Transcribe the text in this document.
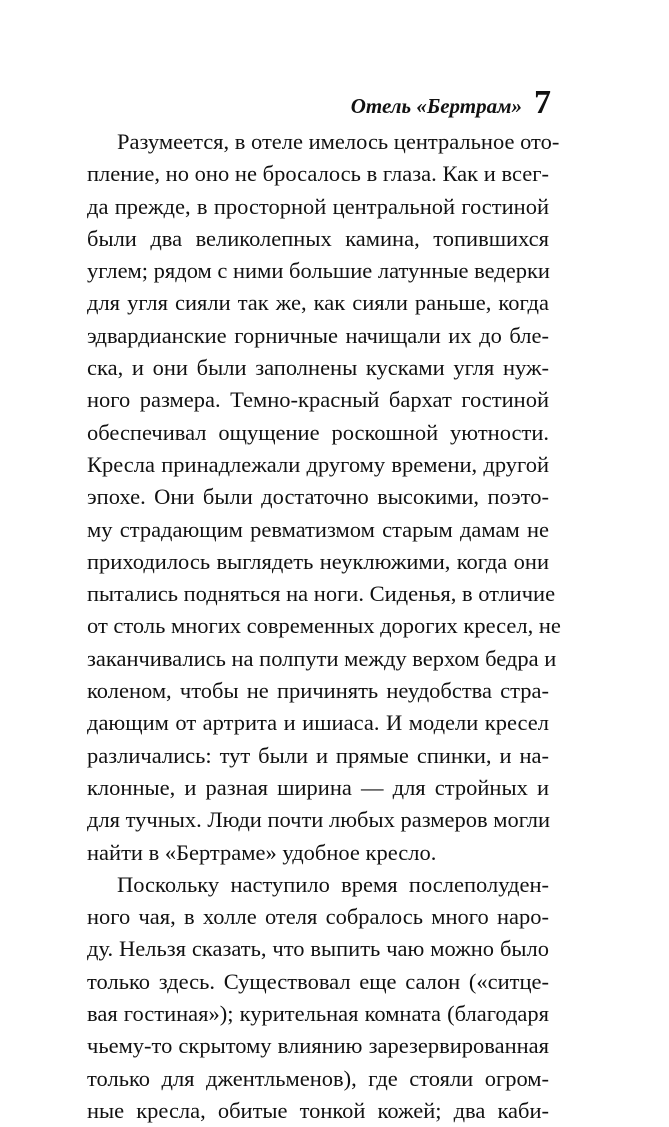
Отель «Бертрам» 7
Разумеется, в отеле имелось центральное ото-
пление, но оно не бросалось в глаза. Как и всег-
да прежде, в просторной центральной гостиной
были два великолепных камина, топившихся
углем; рядом с ними большие латунные ведерки
для угля сияли так же, как сияли раньше, когда
эдвардианские горничные начищали их до бле-
ска, и они были заполнены кусками угля нуж-
ного размера. Темно-красный бархат гостиной
обеспечивал ощущение роскошной уютности.
Кресла принадлежали другому времени, другой
эпохе. Они были достаточно высокими, поэто-
му страдающим ревматизмом старым дамам не
приходилось выглядеть неуклюжими, когда они
пытались подняться на ноги. Сиденья, в отличие
от столь многих современных дорогих кресел, не
заканчивались на полпути между верхом бедра и
коленом, чтобы не причинять неудобства стра-
дающим от артрита и ишиаса. И модели кресел
различались: тут были и прямые спинки, и на-
клонные, и разная ширина — для стройных и
для тучных. Люди почти любых размеров могли
найти в «Бертраме» удобное кресло.
Поскольку наступило время послеполуден-
ного чая, в холле отеля собралось много наро-
ду. Нельзя сказать, что выпить чаю можно было
только здесь. Существовал еще салон («ситце-
вая гостиная»); курительная комната (благодаря
чьему-то скрытому влиянию зарезервированная
только для джентльменов), где стояли огром-
ные кресла, обитые тонкой кожей; два каби-
